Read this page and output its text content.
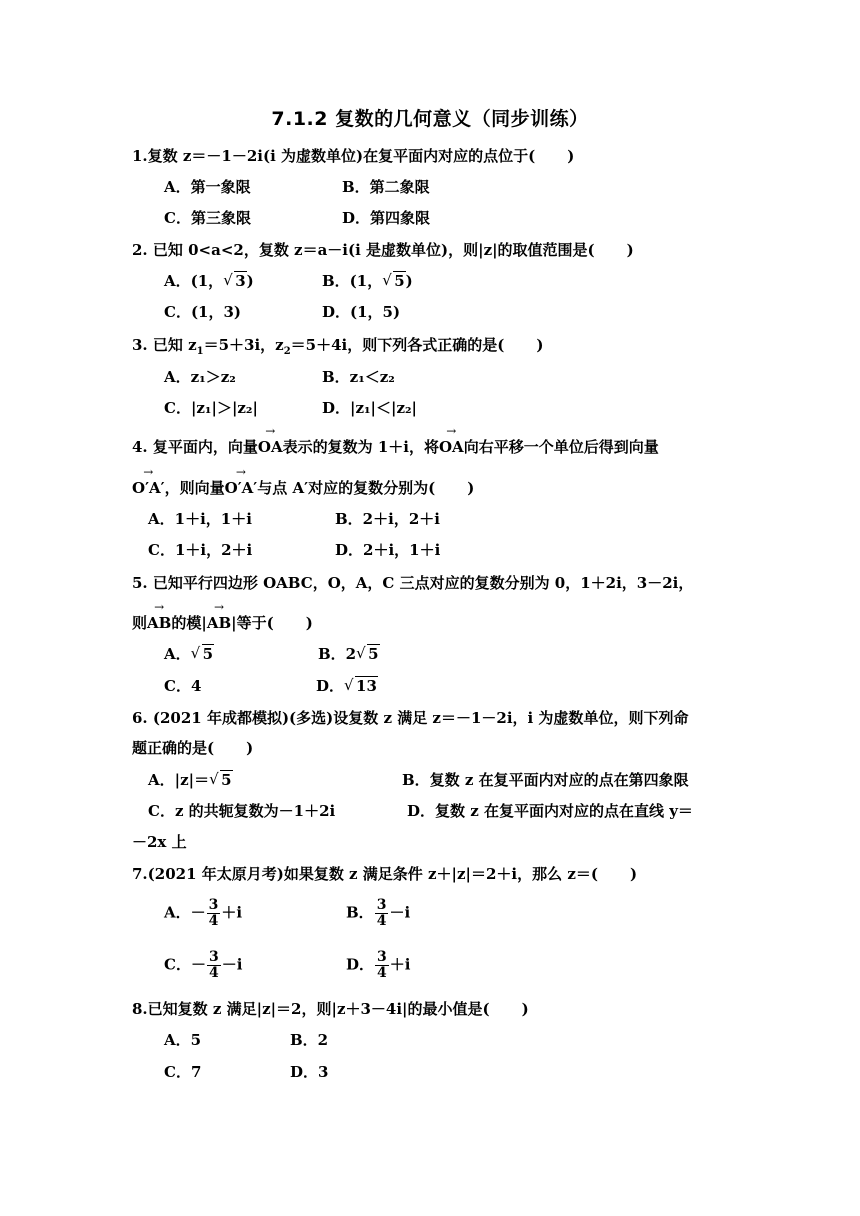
7.1.2 复数的几何意义（同步训练）
1.复数 z＝－1－2i(i 为虚数单位)在复平面内对应的点位于( )
A．第一象限	B．第二象限
C．第三象限	D．第四象限
2. 已知 0<a<2，复数 z＝a－i(i 是虚数单位)，则|z|的取值范围是( )
A．(1， √ 3)	B．(1， √ 5)
C．(1，3)	D．(1，5)
3. 已知 $z_1=5+3i$，$z_2=5+4i$，则下列各式正确的是( )
A．z₁＞z₂	B．z₁＜z₂
C．|z₁|＞|z₂|	D．|z₁|＜|z₂|
4. 复平面内，向量→ OA表示的复数为 1＋i，将→ OA向右平移一个单位后得到向量
→ O′A′，则向量→ O′A′与点 A′对应的复数分别为( )
A．1＋i，1＋i	B．2＋i，2＋i
C．1＋i，2＋i	D．2＋i，1＋i
5. 已知平行四边形 OABC，O，A，C 三点对应的复数分别为 0，1＋2i，3－2i，
则→ AB的模|→ AB|等于( )
A． √ 5	B．2 √ 5
C．4	D． √ 13
6. (2021 年成都模拟)(多选)设复数 z 满足 z＝－1－2i，i 为虚数单位，则下列命
题正确的是( )
A．|z|＝ √ 5	B．复数 z 在复平面内对应的点在第四象限
C．z 的共轭复数为－1＋2i	D．复数 z 在复平面内对应的点在直线 y＝
－2x 上
7.(2021 年太原月考)如果复数 z 满足条件 z＋|z|＝2＋i，那么 z＝( )
A．－ $\frac{3}{4} +i$	B． $\frac{3}{4} -i$
C．－ $\frac{3}{4} -i$	D． $\frac{3}{4} +i$
8.已知复数 z 满足|z|＝2，则|z＋3－4i|的最小值是( )
A．5	B．2
C．7	D．3
